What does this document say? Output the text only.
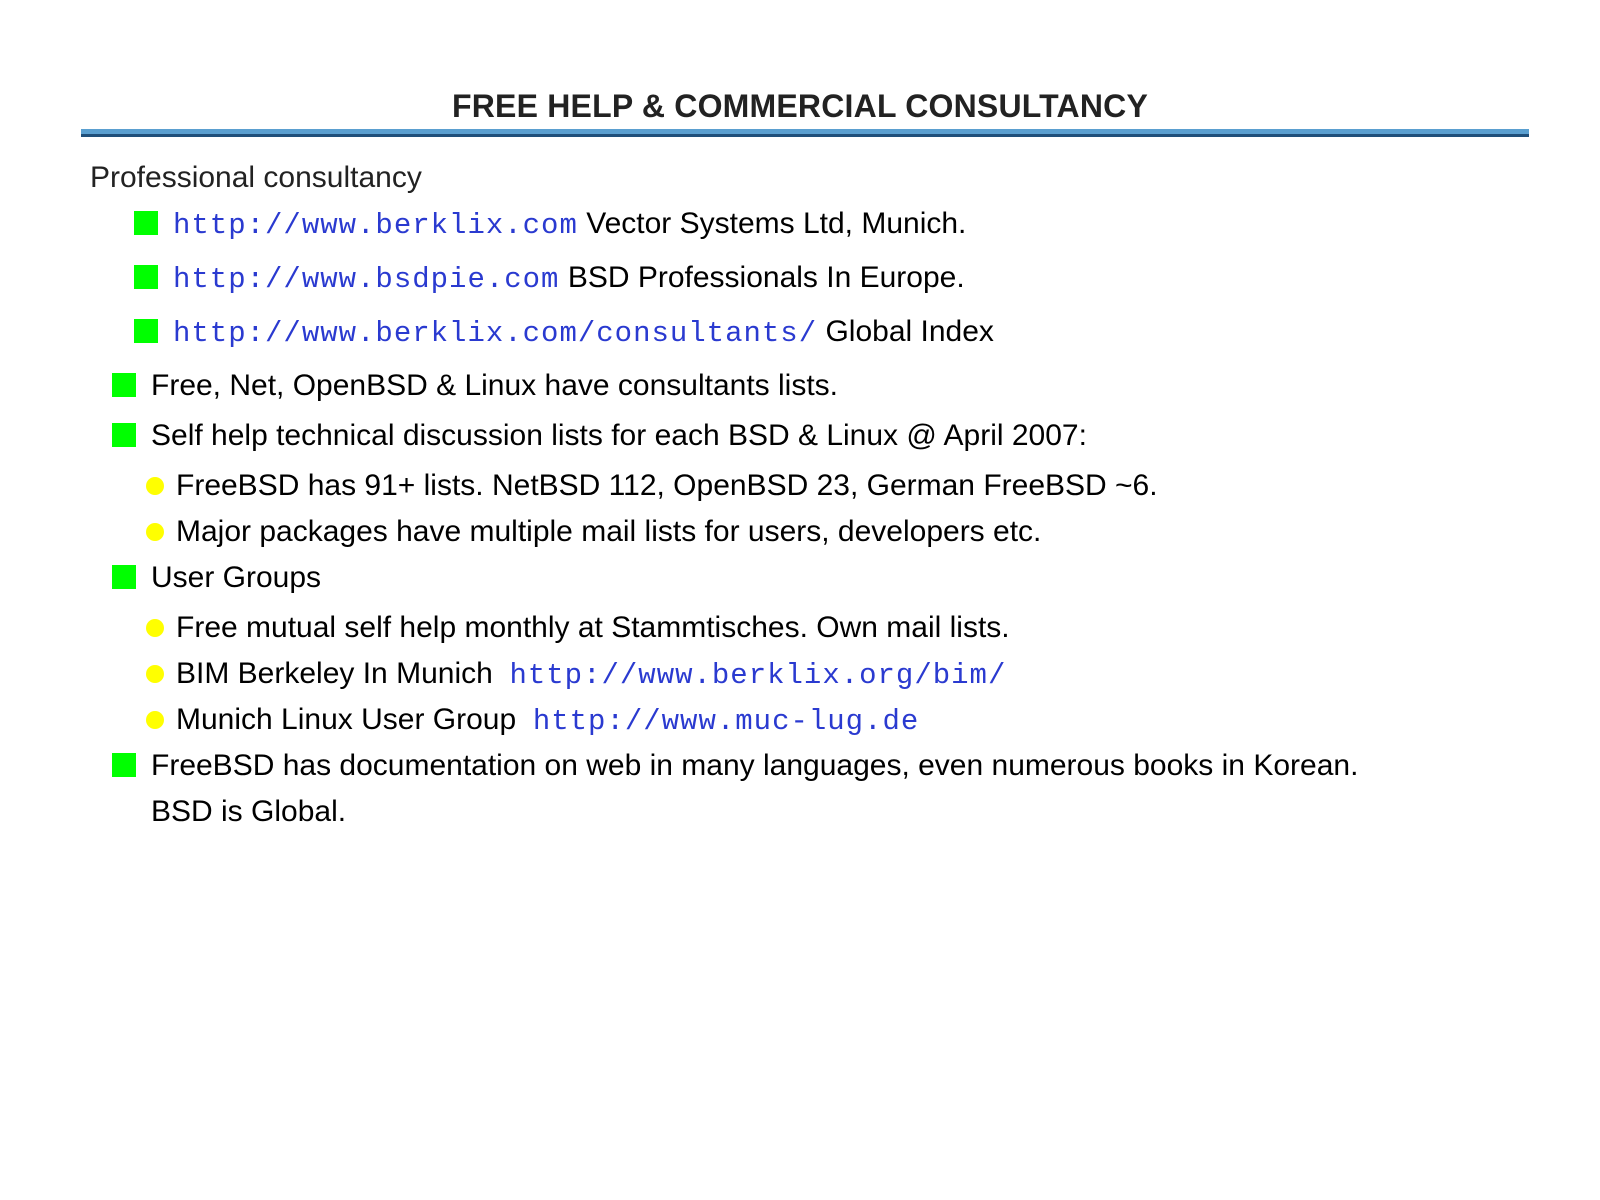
FREE HELP & COMMERCIAL CONSULTANCY
Professional consultancy
http://www.berklix.com Vector Systems Ltd, Munich.
http://www.bsdpie.com BSD Professionals In Europe.
http://www.berklix.com/consultants/ Global Index
Free, Net, OpenBSD & Linux have consultants lists.
Self help technical discussion lists for each BSD & Linux @ April 2007:
FreeBSD has 91+ lists. NetBSD 112, OpenBSD 23, German FreeBSD ~6.
Major packages have multiple mail lists for users, developers etc.
User Groups
Free mutual self help monthly at Stammtisches. Own mail lists.
BIM Berkeley In Munich http://www.berklix.org/bim/
Munich Linux User Group http://www.muc-lug.de
FreeBSD has documentation on web in many languages, even numerous books in Korean.
BSD is Global.
